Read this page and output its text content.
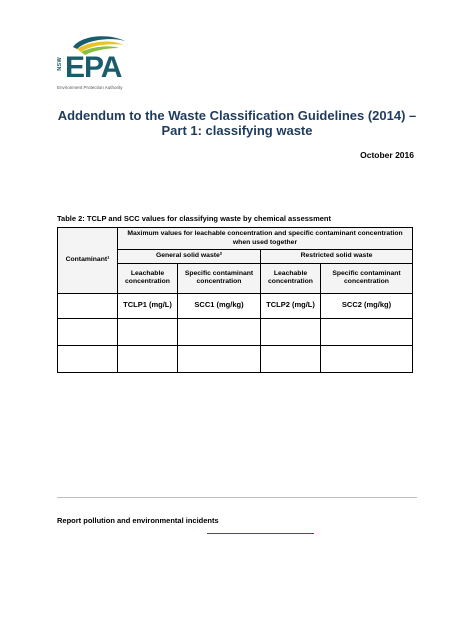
NSW EPA
Environment Protection Authority
Addendum to the Waste Classification Guidelines (2014) –
Part 1: classifying waste
October 2016
Table 2: TCLP and SCC values for classifying waste by chemical assessment
Contaminant¹	Maximum values for leachable concentration and specific contaminant concentration when used together			
	General solid waste²		Restricted solid waste	
	Leachable concentration	Specific contaminant concentration	Leachable concentration	Specific contaminant concentration
	TCLP1 (mg/L)	SCC1 (mg/kg)	TCLP2 (mg/L)	SCC2 (mg/kg)

Report pollution and environmental incidents
